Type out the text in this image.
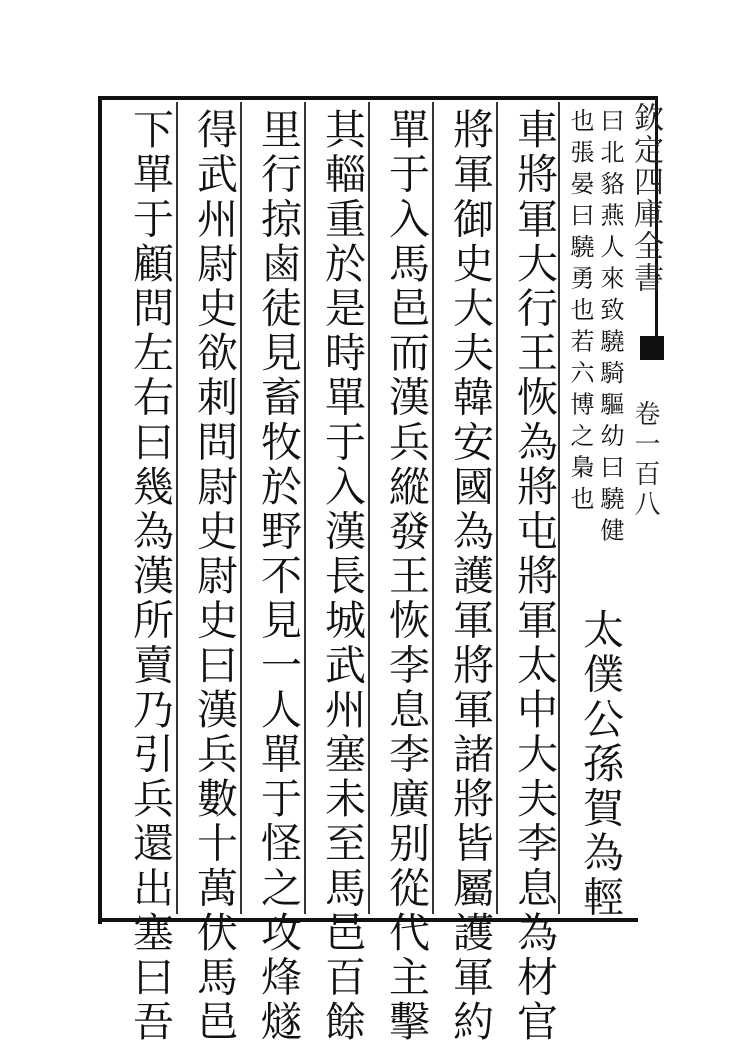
欽定四庫全書
卷一百八
曰北貉燕人來致驍騎驅幼曰驍健
也張晏曰驍勇也若六博之梟也
太僕公孫賀為輕
車將軍大行王恢為將屯將軍太中大夫李息為材官
將軍御史大夫韓安國為護軍將軍諸將皆屬護軍約
單于入馬邑而漢兵縱發王恢李息李廣别從代主擊
其輜重於是時單于入漢長城武州塞未至馬邑百餘
里行掠鹵徒見畜牧於野不見一人單于怪之攻烽燧
得武州尉史欲刺問尉史尉史曰漢兵數十萬伏馬邑
下單于顧問左右曰幾為漢所賣乃引兵還出塞曰吾
